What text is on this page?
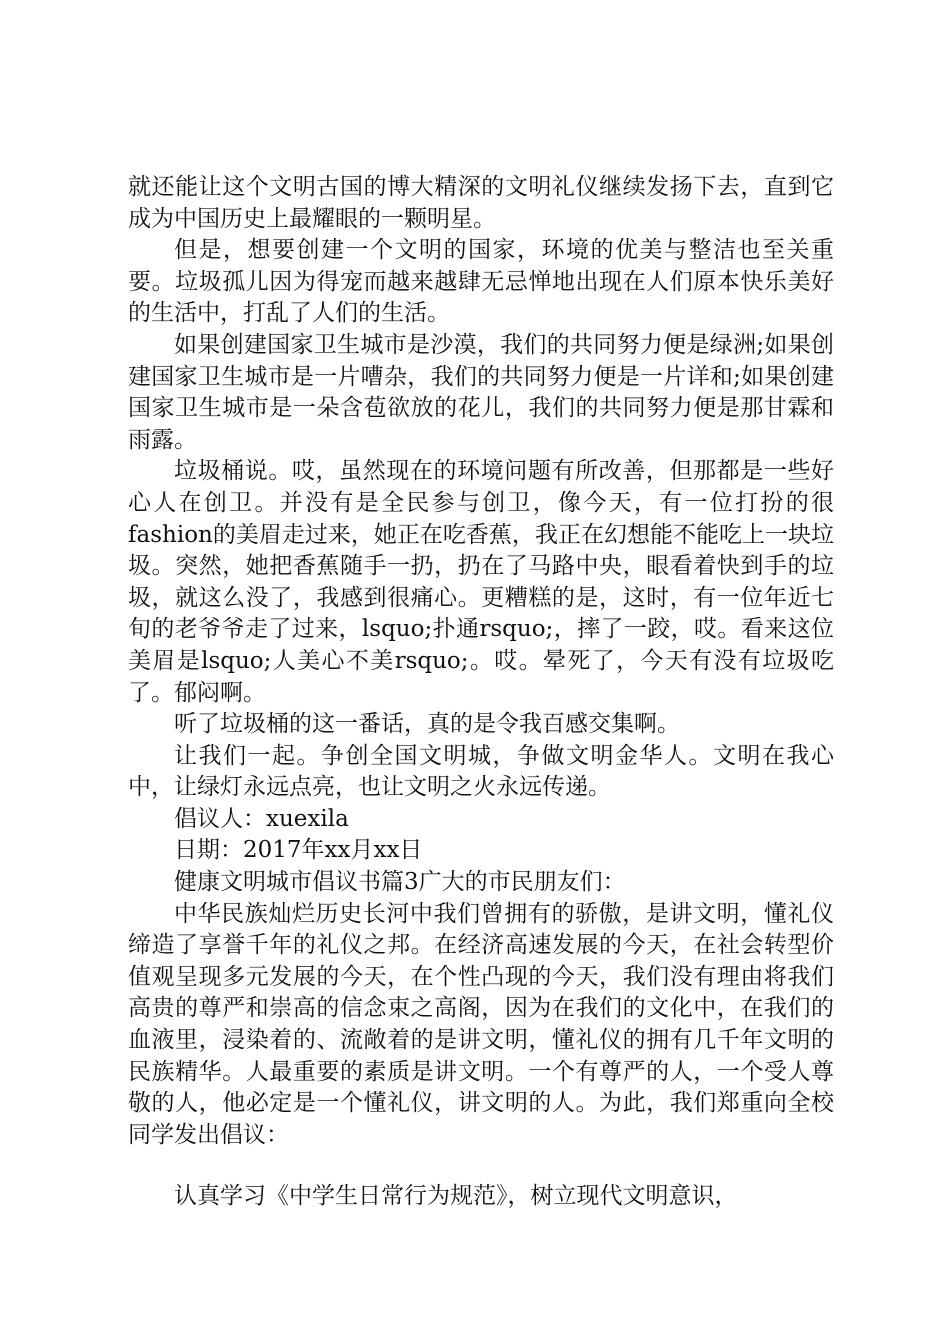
就还能让这个文明古国的博大精深的文明礼仪继续发扬下去，直到它成为中国历史上最耀眼的一颗明星。

但是，想要创建一个文明的国家，环境的优美与整洁也至关重要。垃圾孤儿因为得宠而越来越肆无忌惮地出现在人们原本快乐美好的生活中，打乱了人们的生活。

如果创建国家卫生城市是沙漠，我们的共同努力便是绿洲;如果创建国家卫生城市是一片嘈杂，我们的共同努力便是一片详和;如果创建国家卫生城市是一朵含苞欲放的花儿，我们的共同努力便是那甘霖和雨露。

垃圾桶说。哎，虽然现在的环境问题有所改善，但那都是一些好心人在创卫。并没有是全民参与创卫，像今天，有一位打扮的很fashion的美眉走过来，她正在吃香蕉，我正在幻想能不能吃上一块垃圾。突然，她把香蕉随手一扔，扔在了马路中央，眼看着快到手的垃圾，就这么没了，我感到很痛心。更糟糕的是，这时，有一位年近七旬的老爷爷走了过来，lsquo;扑通rsquo;，摔了一跤，哎。看来这位美眉是lsquo;人美心不美rsquo;。哎。晕死了，今天有没有垃圾吃了。郁闷啊。

听了垃圾桶的这一番话，真的是令我百感交集啊。

让我们一起。争创全国文明城，争做文明金华人。文明在我心中，让绿灯永远点亮，也让文明之火永远传递。

倡议人：xuexila

日期：2017年xx月xx日

健康文明城市倡议书篇3广大的市民朋友们：

中华民族灿烂历史长河中我们曾拥有的骄傲，是讲文明，懂礼仪缔造了享誉千年的礼仪之邦。在经济高速发展的今天，在社会转型价值观呈现多元发展的今天，在个性凸现的今天，我们没有理由将我们高贵的尊严和崇高的信念束之高阁，因为在我们的文化中，在我们的血液里，浸染着的、流敞着的是讲文明，懂礼仪的拥有几千年文明的民族精华。人最重要的素质是讲文明。一个有尊严的人，一个受人尊敬的人，他必定是一个懂礼仪，讲文明的人。为此，我们郑重向全校同学发出倡议：

认真学习《中学生日常行为规范》，树立现代文明意识，
